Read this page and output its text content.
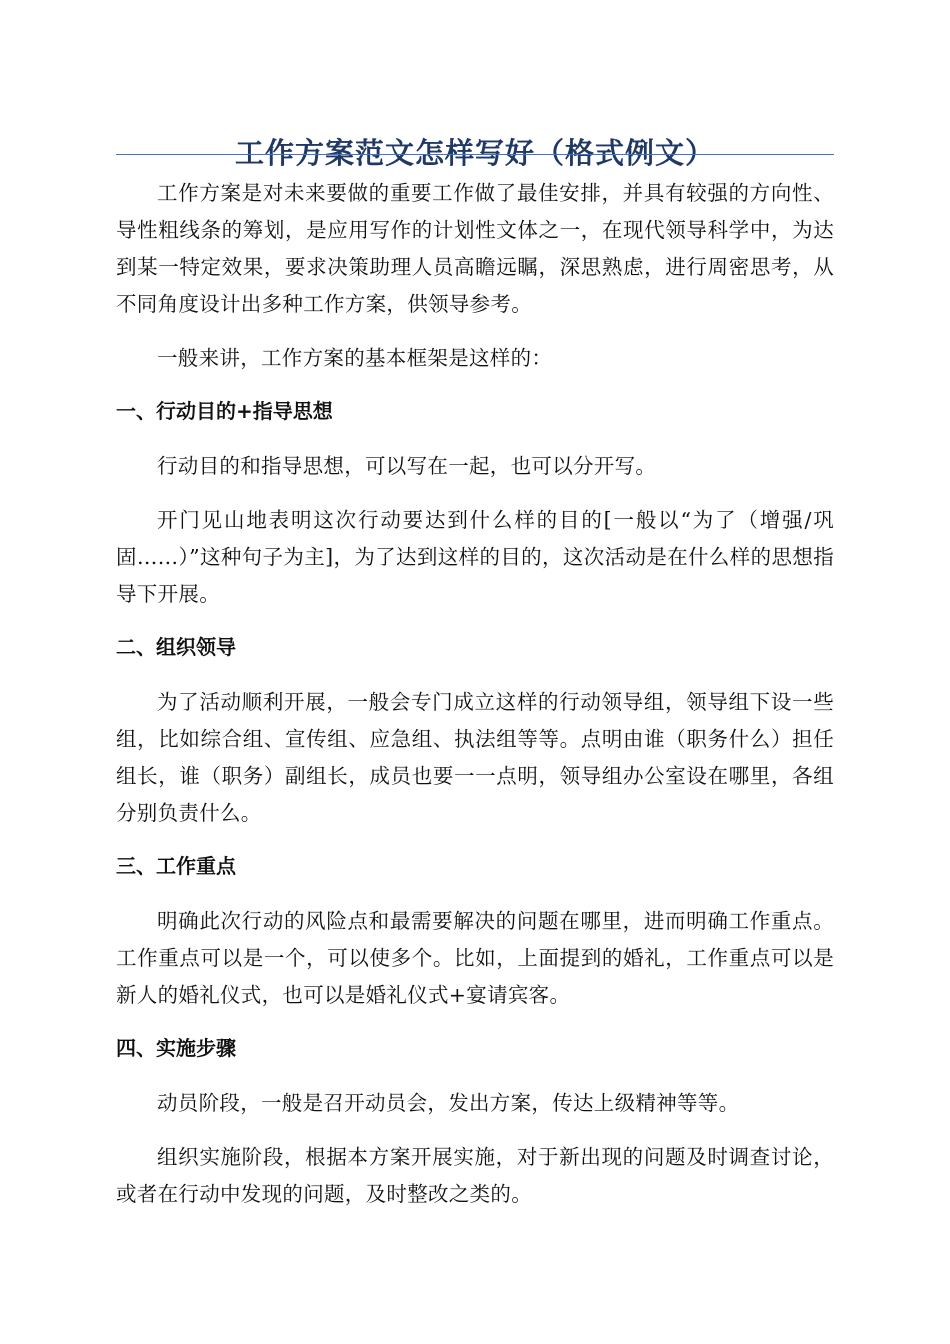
工作方案范文怎样写好（格式例文）

工作方案是对未来要做的重要工作做了最佳安排，并具有较强的方向性、导性粗线条的筹划，是应用写作的计划性文体之一，在现代领导科学中，为达到某一特定效果，要求决策助理人员高瞻远瞩，深思熟虑，进行周密思考，从不同角度设计出多种工作方案，供领导参考。

一般来讲，工作方案的基本框架是这样的：

一、行动目的+指导思想

行动目的和指导思想，可以写在一起，也可以分开写。

开门见山地表明这次行动要达到什么样的目的[一般以“为了（增强/巩固……）”这种句子为主]，为了达到这样的目的，这次活动是在什么样的思想指导下开展。

二、组织领导

为了活动顺利开展，一般会专门成立这样的行动领导组，领导组下设一些组，比如综合组、宣传组、应急组、执法组等等。点明由谁（职务什么）担任组长，谁（职务）副组长，成员也要一一点明，领导组办公室设在哪里，各组分别负责什么。

三、工作重点

明确此次行动的风险点和最需要解决的问题在哪里，进而明确工作重点。工作重点可以是一个，可以使多个。比如，上面提到的婚礼，工作重点可以是新人的婚礼仪式，也可以是婚礼仪式+宴请宾客。

四、实施步骤

动员阶段，一般是召开动员会，发出方案，传达上级精神等等。

组织实施阶段，根据本方案开展实施，对于新出现的问题及时调查讨论，或者在行动中发现的问题，及时整改之类的。
